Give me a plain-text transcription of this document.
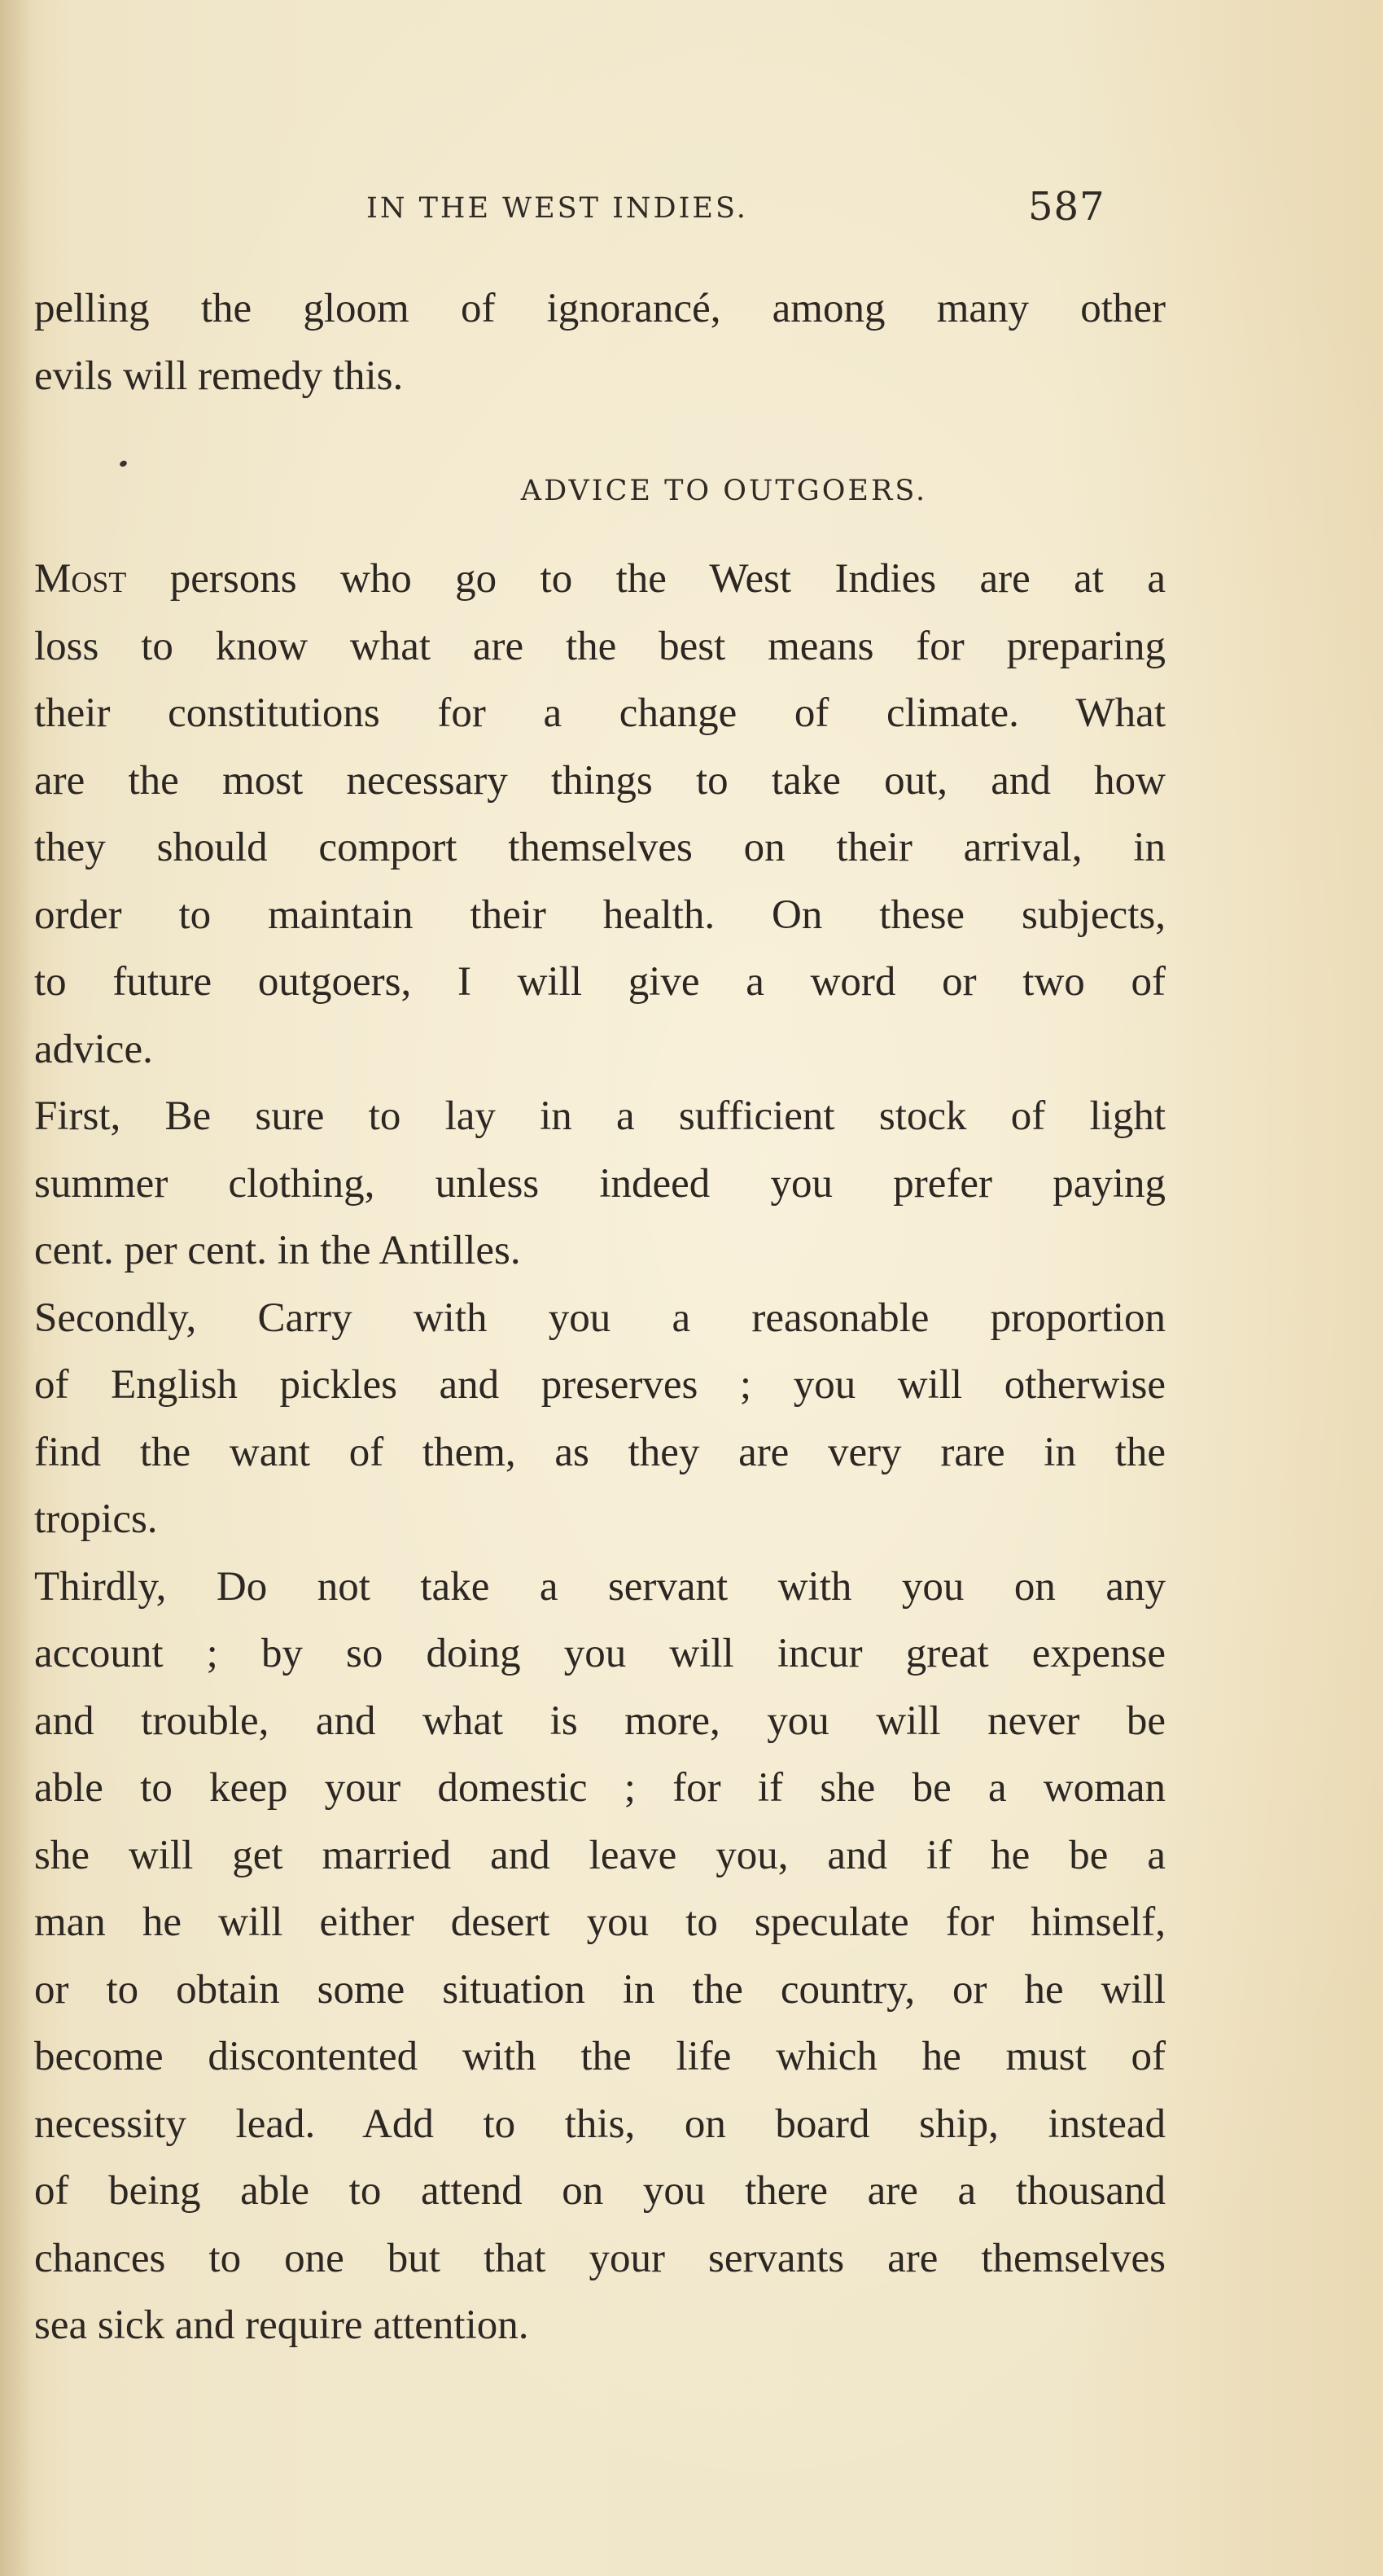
IN THE WEST INDIES.	587
pelling the gloom of ignorancé, among many other
evils will remedy this.
ADVICE TO OUTGOERS.
Most persons who go to the West Indies are at a
loss to know what are the best means for preparing
their constitutions for a change of climate. What
are the most necessary things to take out, and how
they should comport themselves on their arrival, in
order to maintain their health. On these subjects,
to future outgoers, I will give a word or two of
advice.
First, Be sure to lay in a sufficient stock of light
summer clothing, unless indeed you prefer paying
cent. per cent. in the Antilles.
Secondly, Carry with you a reasonable proportion
of English pickles and preserves ; you will otherwise
find the want of them, as they are very rare in the
tropics.
Thirdly, Do not take a servant with you on any
account ; by so doing you will incur great expense
and trouble, and what is more, you will never be
able to keep your domestic ; for if she be a woman
she will get married and leave you, and if he be a
man he will either desert you to speculate for himself,
or to obtain some situation in the country, or he will
become discontented with the life which he must of
necessity lead. Add to this, on board ship, instead
of being able to attend on you there are a thousand
chances to one but that your servants are themselves
sea sick and require attention.
